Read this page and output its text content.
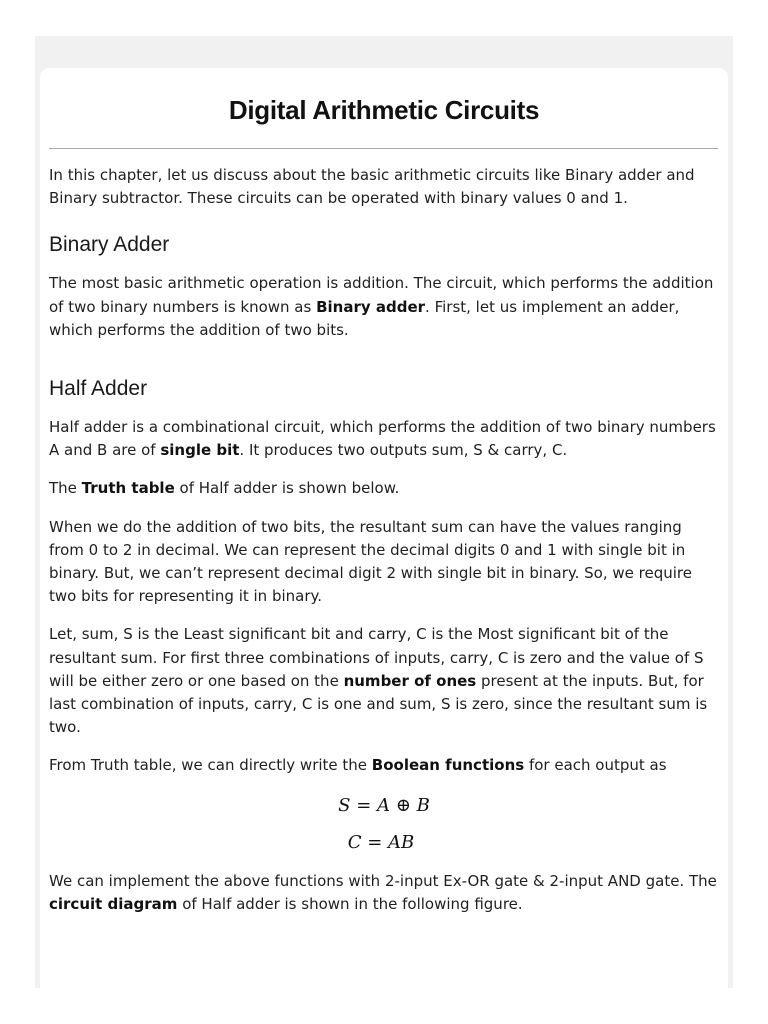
Digital Arithmetic Circuits

In this chapter, let us discuss about the basic arithmetic circuits like Binary adder and Binary subtractor. These circuits can be operated with binary values 0 and 1.

Binary Adder

The most basic arithmetic operation is addition. The circuit, which performs the addition of two binary numbers is known as Binary adder. First, let us implement an adder, which performs the addition of two bits.

Half Adder

Half adder is a combinational circuit, which performs the addition of two binary numbers A and B are of single bit. It produces two outputs sum, S & carry, C.

The Truth table of Half adder is shown below.

When we do the addition of two bits, the resultant sum can have the values ranging from 0 to 2 in decimal. We can represent the decimal digits 0 and 1 with single bit in binary. But, we can’t represent decimal digit 2 with single bit in binary. So, we require two bits for representing it in binary.

Let, sum, S is the Least significant bit and carry, C is the Most significant bit of the resultant sum. For first three combinations of inputs, carry, C is zero and the value of S will be either zero or one based on the number of ones present at the inputs. But, for last combination of inputs, carry, C is one and sum, S is zero, since the resultant sum is two.

From Truth table, we can directly write the Boolean functions for each output as

S = A ⊕ B
C = AB

We can implement the above functions with 2-input Ex-OR gate & 2-input AND gate. The circuit diagram of Half adder is shown in the following figure.
